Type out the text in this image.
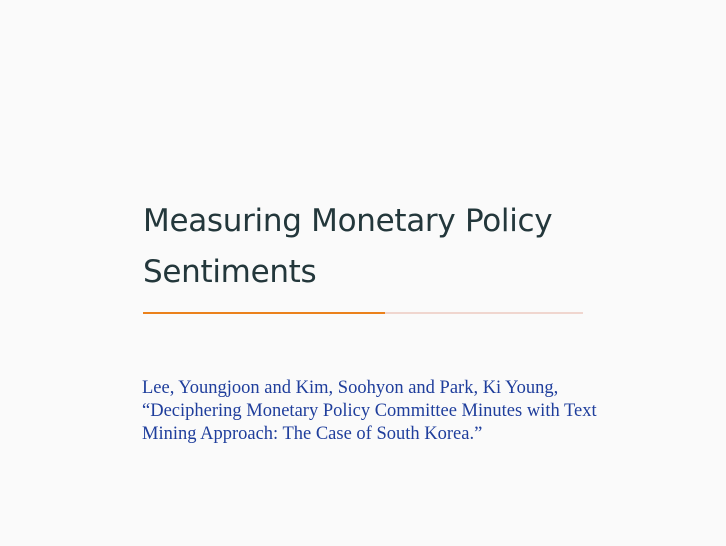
Measuring Monetary Policy Sentiments

Lee, Youngjoon and Kim, Soohyon and Park, Ki Young, “Deciphering Monetary Policy Committee Minutes with Text Mining Approach: The Case of South Korea.”
